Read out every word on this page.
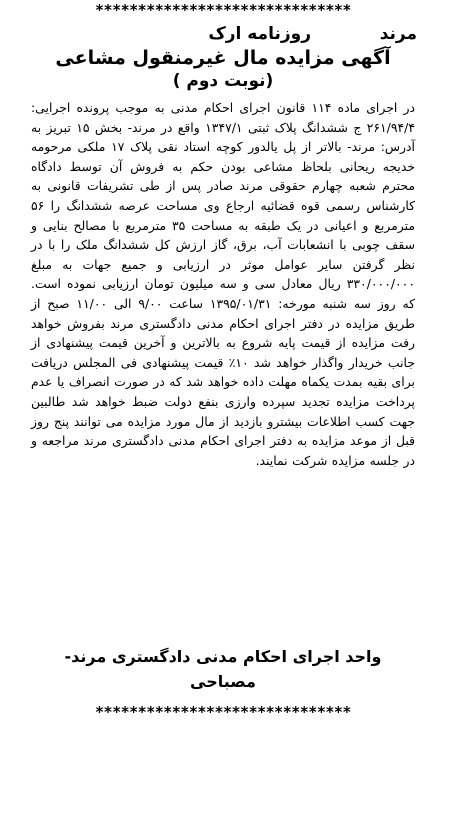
******************************
مرند
روزنامه ارک
آگهی مزایده مال غیرمنقول مشاعی
(نوبت دوم )
در اجرای ماده ۱۱۴ قانون اجرای احکام مدنی به موجب پرونده اجرایی: ۲۶۱/۹۴/۴ ج ششدانگ پلاک ثبتی ۱۳۴۷/۱ واقع در مرند- بخش ۱۵ تبریز به آدرس: مرند- بالاتر از پل یالدور کوچه استاد نقی پلاک ۱۷ ملکی مرحومه خدیجه ریحانی بلحاظ مشاعی بودن حکم به فروش آن توسط دادگاه محترم شعبه چهارم حقوقی مرند صادر پس از طی تشریفات قانونی به کارشناس رسمی قوه قضائیه ارجاع وی مساحت عرصه ششدانگ را ۵۶ مترمربع و اعیانی در یک طبقه به مساحت ۳۵ مترمربع با مصالح بنایی و سقف چوبی با انشعابات آب، برق، گاز ارزش کل ششدانگ ملک را با در نظر گرفتن سایر عوامل موثر در ارزیابی و جمیع جهات به مبلغ ۳۳۰/۰۰۰/۰۰۰ ریال معادل سی و سه میلیون تومان ارزیابی نموده است. که روز سه شنبه مورخه: ۱۳۹۵/۰۱/۳۱ ساعت ۹/۰۰ الی ۱۱/۰۰ صبح از طریق مزایده در دفتر اجرای احکام مدنی دادگستری مرند بفروش خواهد رفت مزایده از قیمت پایه شروع به بالاترین و آخرین قیمت پیشنهادی از جانب خریدار واگذار خواهد شد ۱۰٪ قیمت پیشنهادی فی المجلس دریافت برای بقیه بمدت یکماه مهلت داده خواهد شد که در صورت انصراف یا عدم پرداخت مزایده تجدید سپرده وارزی بنفع دولت ضبط خواهد شد طالبین جهت کسب اطلاعات بیشترو بازدید از مال مورد مزایده می توانند پنج روز قبل از موعد مزایده به دفتر اجرای احکام مدنی دادگستری مرند مراجعه و در جلسه مزایده شرکت نمایند.
واحد اجرای احکام مدنی دادگستری مرند-
مصباحی
******************************
